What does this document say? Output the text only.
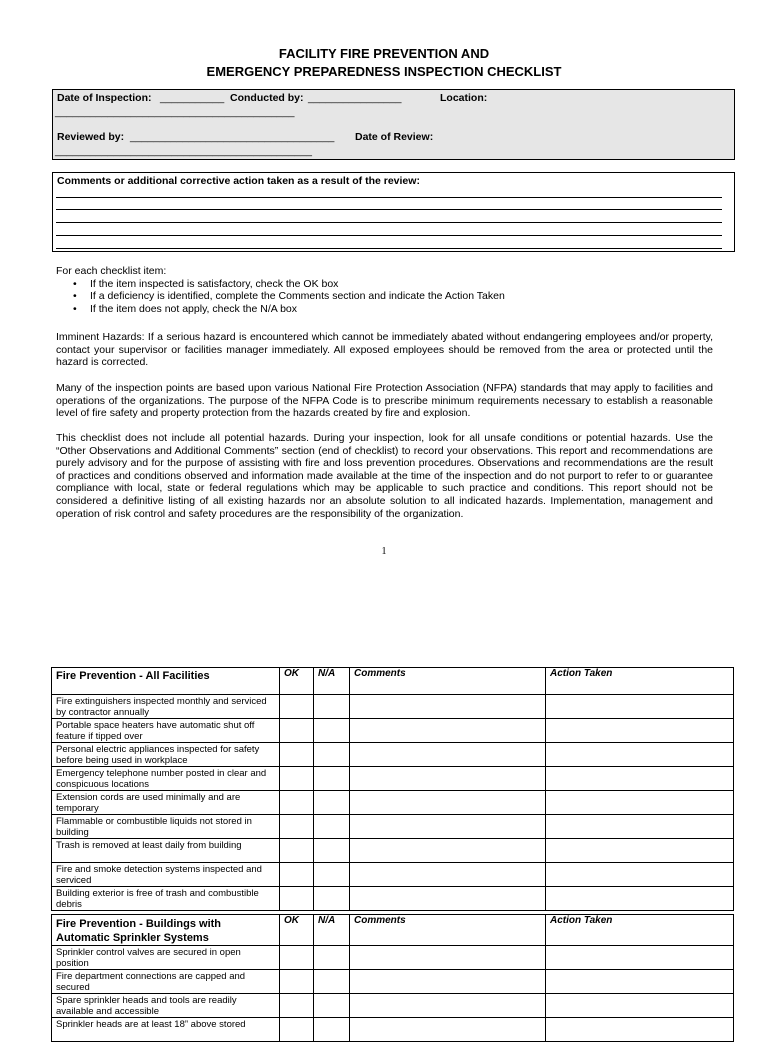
FACILITY FIRE PREVENTION AND
EMERGENCY PREPAREDNESS INSPECTION CHECKLIST
Date of Inspection: ___________ Conducted by: ________________	Location:
_________________________________________
Reviewed by: ___________________________________ Date of Review:
____________________________________________
Comments or additional corrective action taken as a result of the review:

For each checklist item:

• If the item inspected is satisfactory, check the OK box
• If a deficiency is identified, complete the Comments section and indicate the Action Taken
• If the item does not apply, check the N/A box
Imminent Hazards: If a serious hazard is encountered which cannot be immediately abated without endangering employees and/or property, contact your supervisor or facilities manager immediately. All exposed employees should be removed from the area or protected until the hazard is corrected.
Many of the inspection points are based upon various National Fire Protection Association (NFPA) standards that may apply to facilities and operations of the organizations. The purpose of the NFPA Code is to prescribe minimum requirements necessary to establish a reasonable level of fire safety and property protection from the hazards created by fire and explosion.
This checklist does not include all potential hazards. During your inspection, look for all unsafe conditions or potential hazards. Use the “Other Observations and Additional Comments” section (end of checklist) to record your observations. This report and recommendations are purely advisory and for the purpose of assisting with fire and loss prevention procedures. Observations and recommendations are the result of practices and conditions observed and information made available at the time of the inspection and do not purport to refer to or guarantee compliance with local, state or federal regulations which may be applicable to such practice and conditions. This report should not be considered a definitive listing of all existing hazards nor an absolute solution to all indicated hazards. Implementation, management and operation of risk control and safety procedures are the responsibility of the organization.
1
Fire Prevention - All Facilities	OK	N/A	Comments	Action Taken
Fire extinguishers inspected monthly and serviced by contractor annually				
Portable space heaters have automatic shut off feature if tipped over				
Personal electric appliances inspected for safety before being used in workplace				
Emergency telephone number posted in clear and conspicuous locations				
Extension cords are used minimally and are temporary				
Flammable or combustible liquids not stored in building				
Trash is removed at least daily from building				
Fire and smoke detection systems inspected and serviced				
Building exterior is free of trash and combustible debris				
Fire Prevention - Buildings with Automatic Sprinkler Systems	OK	N/A	Comments	Action Taken
Sprinkler control valves are secured in open position				
Fire department connections are capped and secured				
Spare sprinkler heads and tools are readily available and accessible				
Sprinkler heads are at least 18” above stored				
